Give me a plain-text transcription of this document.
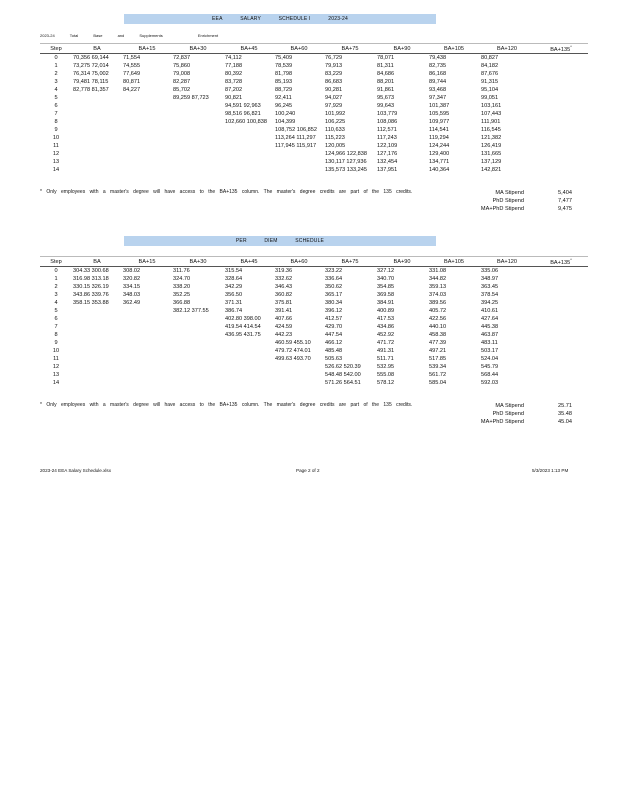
EEA	SALARY	SCHEDULE I	2023-24
2023-24	Total	Base	and	Supplements	Enrichment
Step	BA	BA+15	BA+30	BA+45	BA+60	BA+75	BA+90	BA+105	BA+120	BA+135*
0	70,356 69,144	71,554	72,837	74,112	75,409	76,729	78,071	79,438	80,827	
1	73,275 72,014	74,555	75,860	77,188	78,539	79,913	81,311	82,735	84,182	
2	76,314 75,002	77,649	79,008	80,392	81,798	83,229	84,686	86,168	87,676	
3	79,481 78,115	80,871	82,287	83,728	85,193	86,683	88,201	89,744	91,315	
4	82,778 81,357	84,227	85,702	87,202	88,729	90,281	91,861	93,468	95,104	
5			89,259 87,723	90,821	92,411	94,027	95,673	97,347	99,051	
6				94,591 92,963	96,245	97,929	99,643	101,387	103,161	
7				98,516 96,821	100,240	101,992	103,779	105,595	107,443	
8				102,660 100,838	104,399	106,225	108,086	109,977	111,901	
9					108,752 106,852	110,633	112,571	114,541	116,545	
10					113,264 111,297	115,223	117,243	119,294	121,382	
11					117,945 115,917	120,005	122,109	124,244	126,419	
12						124,966 122,838	127,176	129,400	131,665	
13						130,117 127,936	132,454	134,771	137,129	
14						135,573 133,245	137,951	140,364	142,821	
* Only employees with a master's degree will have access to the BA+135 column. The master's degree credits are part of the 135 credits.	MA Stipend	5,404
PhD Stipend	7,477
MA+PhD Stipend	9,475
PER	DIEM	SCHEDULE
Step	BA	BA+15	BA+30	BA+45	BA+60	BA+75	BA+90	BA+105	BA+120	BA+135*
0	304.33 300.68	308.02	311.76	315.54	319.36	323.22	327.12	331.08	335.06	
1	316.98 313.18	320.82	324.70	328.64	332.62	336.64	340.70	344.82	348.97	
2	330.15 326.19	334.15	338.20	342.29	346.43	350.62	354.85	359.13	363.45	
3	343.86 339.76	348.03	352.25	356.50	360.82	365.17	369.58	374.03	378.54	
4	358.15 353.88	362.49	366.88	371.31	375.81	380.34	384.91	389.56	394.25	
5			382.12 377.55	386.74	391.41	396.12	400.89	405.72	410.61	
6				402.80 398.00	407.66	412.57	417.53	422.56	427.64	
7				419.54 414.54	424.59	429.70	434.86	440.10	445.38	
8				436.95 431.75	442.23	447.54	452.92	458.38	463.87	
9					460.59 455.10	466.12	471.72	477.39	483.11	
10					479.72 474.01	485.48	491.31	497.21	503.17	
11					499.63 493.70	505.63	511.71	517.85	524.04	
12						526.62 520.39	532.95	539.34	545.79	
13						548.48 542.00	555.08	561.72	568.44	
14						571.26 564.51	578.12	585.04	592.03	
* Only employees with a master's degree will have access to the BA+135 column. The master's degree credits are part of the 135 credits.	MA Stipend	25.71
PhD Stipend	35.48
MA+PhD Stipend	45.04
2023-24 EEA Salary Schedule.xlsx	Page 2 of 2	5/3/2023 1:13 PM
